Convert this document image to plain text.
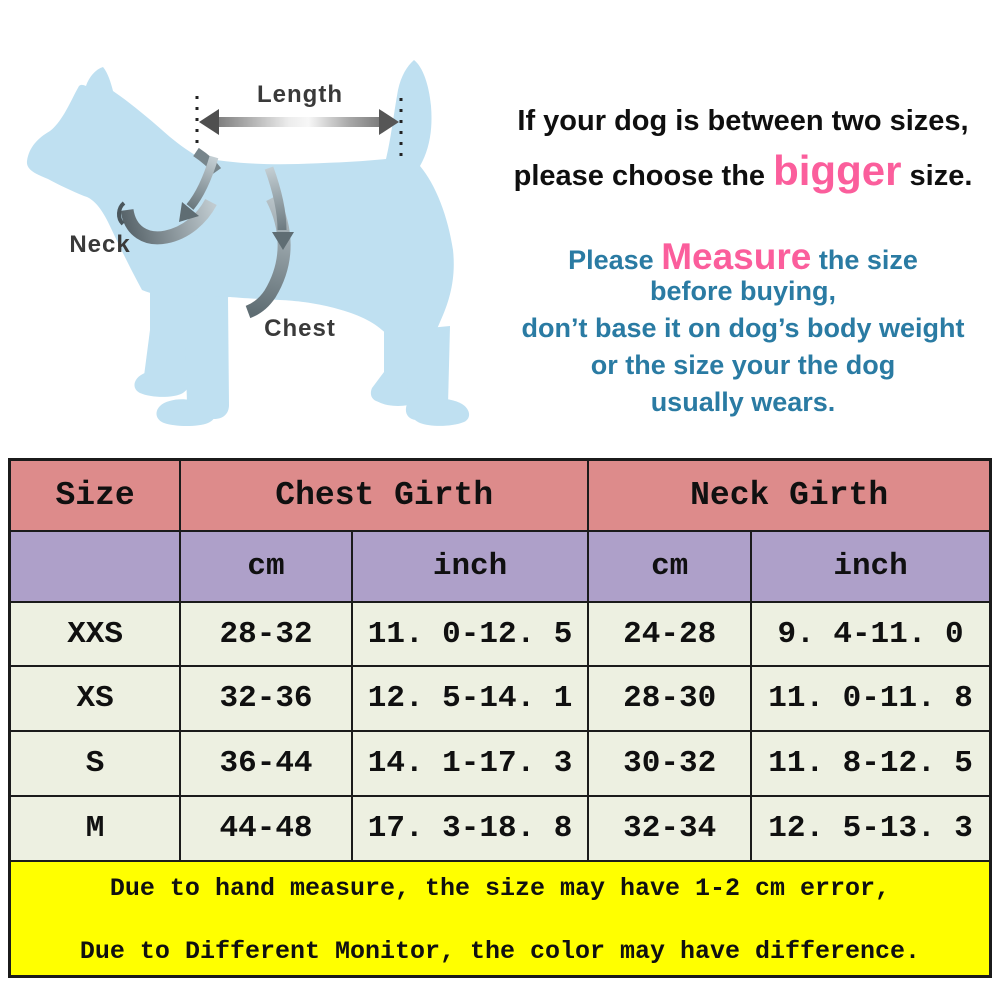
Length
Neck
Chest
If your dog is between two sizes,
please choose the bigger size.
Please Measure the size
before buying,
don’t base it on dog’s body weight
or the size your the dog
usually wears.
Size	Chest Girth		Neck Girth	
	cm	inch	cm	inch
XXS	28-32	11. 0-12. 5	24-28	9. 4-11. 0
XS	32-36	12. 5-14. 1	28-30	11. 0-11. 8
S	36-44	14. 1-17. 3	30-32	11. 8-12. 5
M	44-48	17. 3-18. 8	32-34	12. 5-13. 3

Due to hand measure, the size may have 1-2 cm error,
Due to Different Monitor, the color may have difference.				
